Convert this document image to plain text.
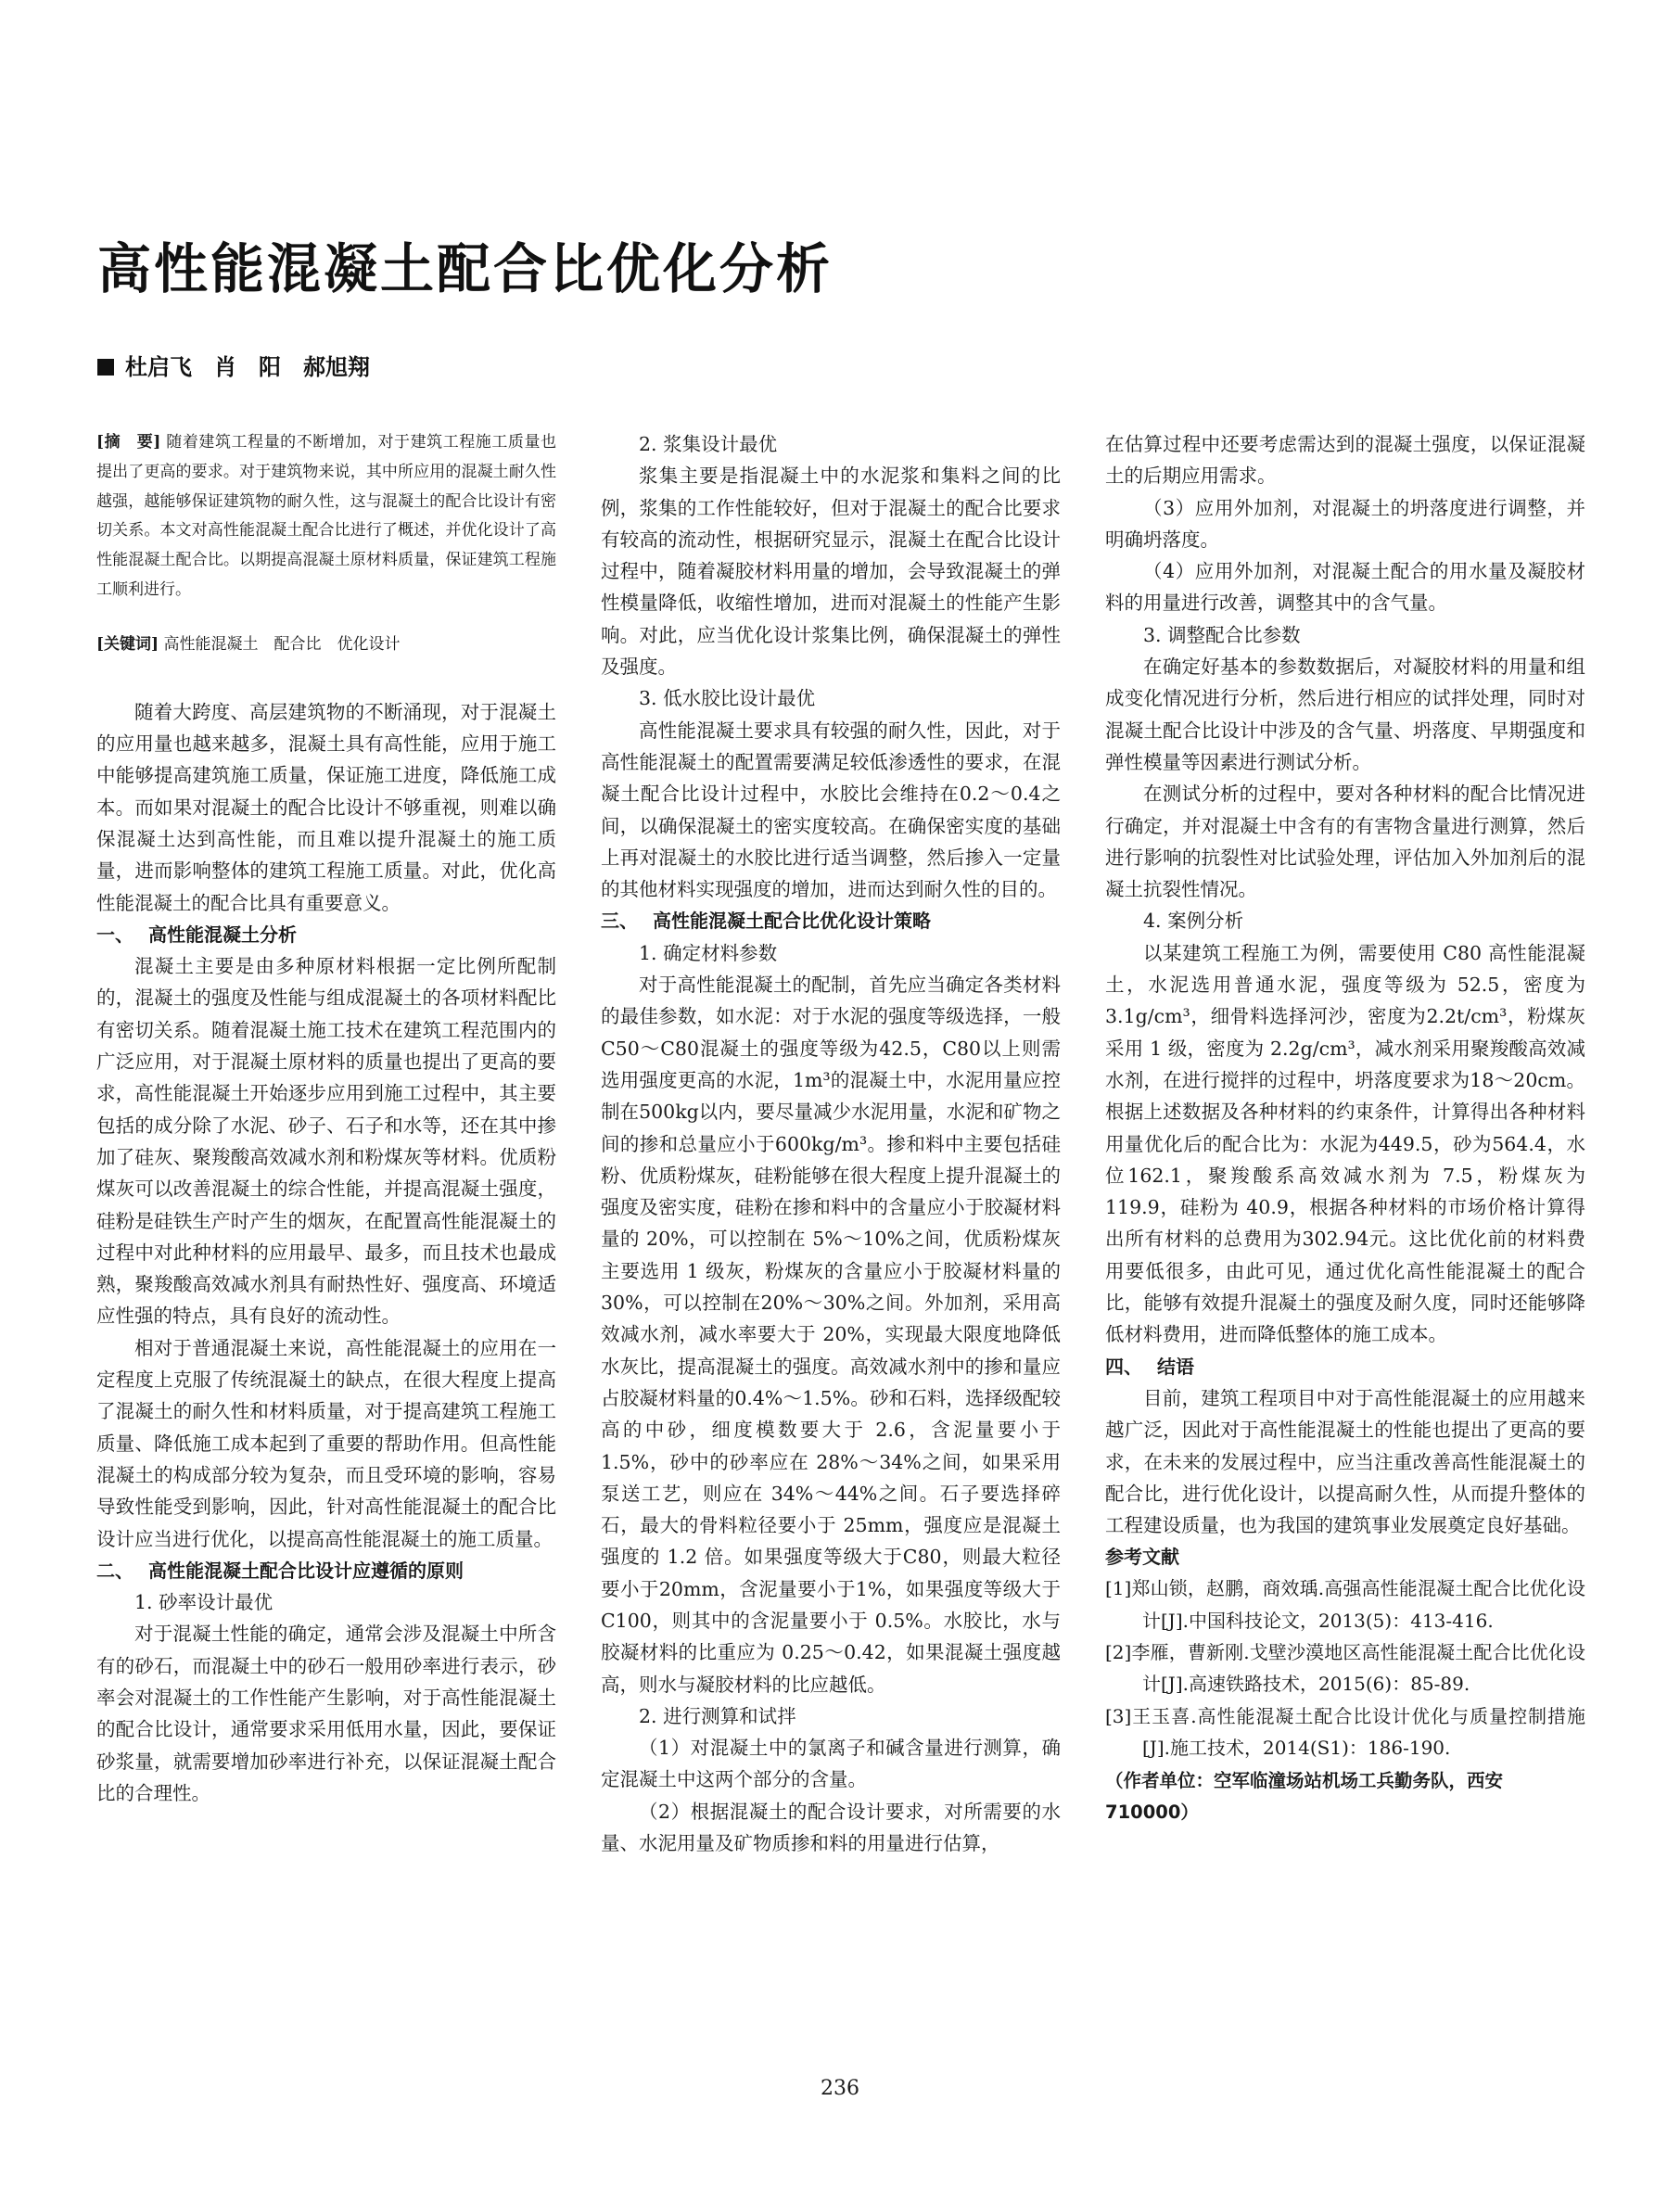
高性能混凝土配合比优化分析
杜启飞　肖　阳　郝旭翔

[摘　要] 随着建筑工程量的不断增加，对于建筑工程施工质量也提出了更高的要求。对于建筑物来说，其中所应用的混凝土耐久性越强，越能够保证建筑物的耐久性，这与混凝土的配合比设计有密切关系。本文对高性能混凝土配合比进行了概述，并优化设计了高性能混凝土配合比。以期提高混凝土原材料质量，保证建筑工程施工顺利进行。

[关键词] 高性能混凝土　配合比　优化设计

随着大跨度、高层建筑物的不断涌现，对于混凝土的应用量也越来越多，混凝土具有高性能，应用于施工中能够提高建筑施工质量，保证施工进度，降低施工成本。而如果对混凝土的配合比设计不够重视，则难以确保混凝土达到高性能，而且难以提升混凝土的施工质量，进而影响整体的建筑工程施工质量。对此，优化高性能混凝土的配合比具有重要意义。

一、 高性能混凝土分析

混凝土主要是由多种原材料根据一定比例所配制的，混凝土的强度及性能与组成混凝土的各项材料配比有密切关系。随着混凝土施工技术在建筑工程范围内的广泛应用，对于混凝土原材料的质量也提出了更高的要求，高性能混凝土开始逐步应用到施工过程中，其主要包括的成分除了水泥、砂子、石子和水等，还在其中掺加了硅灰、聚羧酸高效减水剂和粉煤灰等材料。优质粉煤灰可以改善混凝土的综合性能，并提高混凝土强度，硅粉是硅铁生产时产生的烟灰，在配置高性能混凝土的过程中对此种材料的应用最早、最多，而且技术也最成熟，聚羧酸高效减水剂具有耐热性好、强度高、环境适应性强的特点，具有良好的流动性。

相对于普通混凝土来说，高性能混凝土的应用在一定程度上克服了传统混凝土的缺点，在很大程度上提高了混凝土的耐久性和材料质量，对于提高建筑工程施工质量、降低施工成本起到了重要的帮助作用。但高性能混凝土的构成部分较为复杂，而且受环境的影响，容易导致性能受到影响，因此，针对高性能混凝土的配合比设计应当进行优化，以提高高性能混凝土的施工质量。

二、 高性能混凝土配合比设计应遵循的原则

1. 砂率设计最优

对于混凝土性能的确定，通常会涉及混凝土中所含有的砂石，而混凝土中的砂石一般用砂率进行表示，砂率会对混凝土的工作性能产生影响，对于高性能混凝土的配合比设计，通常要求采用低用水量，因此，要保证砂浆量，就需要增加砂率进行补充，以保证混凝土配合比的合理性。

2. 浆集设计最优

浆集主要是指混凝土中的水泥浆和集料之间的比例，浆集的工作性能较好，但对于混凝土的配合比要求有较高的流动性，根据研究显示，混凝土在配合比设计过程中，随着凝胶材料用量的增加，会导致混凝土的弹性模量降低，收缩性增加，进而对混凝土的性能产生影响。对此，应当优化设计浆集比例，确保混凝土的弹性及强度。

3. 低水胶比设计最优

高性能混凝土要求具有较强的耐久性，因此，对于高性能混凝土的配置需要满足较低渗透性的要求，在混凝土配合比设计过程中，水胶比会维持在0.2～0.4之间，以确保混凝土的密实度较高。在确保密实度的基础上再对混凝土的水胶比进行适当调整，然后掺入一定量的其他材料实现强度的增加，进而达到耐久性的目的。

三、 高性能混凝土配合比优化设计策略

1. 确定材料参数

对于高性能混凝土的配制，首先应当确定各类材料的最佳参数，如水泥：对于水泥的强度等级选择，一般C50～C80混凝土的强度等级为42.5，C80以上则需选用强度更高的水泥，1m³的混凝土中，水泥用量应控制在500kg以内，要尽量减少水泥用量，水泥和矿物之间的掺和总量应小于600kg/m³。掺和料中主要包括硅粉、优质粉煤灰，硅粉能够在很大程度上提升混凝土的强度及密实度，硅粉在掺和料中的含量应小于胶凝材料量的 20%，可以控制在 5%～10%之间，优质粉煤灰主要选用 1 级灰，粉煤灰的含量应小于胶凝材料量的 30%，可以控制在20%～30%之间。外加剂，采用高效减水剂，减水率要大于 20%，实现最大限度地降低水灰比，提高混凝土的强度。高效减水剂中的掺和量应占胶凝材料量的0.4%～1.5%。砂和石料，选择级配较高的中砂，细度模数要大于 2.6，含泥量要小于 1.5%，砂中的砂率应在 28%～34%之间，如果采用泵送工艺，则应在 34%～44%之间。石子要选择碎石，最大的骨料粒径要小于 25mm，强度应是混凝土强度的 1.2 倍。如果强度等级大于C80，则最大粒径要小于20mm，含泥量要小于1%，如果强度等级大于C100，则其中的含泥量要小于 0.5%。水胶比，水与胶凝材料的比重应为 0.25～0.42，如果混凝土强度越高，则水与凝胶材料的比应越低。

2. 进行测算和试拌

（1）对混凝土中的氯离子和碱含量进行测算，确定混凝土中这两个部分的含量。

（2）根据混凝土的配合设计要求，对所需要的水量、水泥用量及矿物质掺和料的用量进行估算，

在估算过程中还要考虑需达到的混凝土强度，以保证混凝土的后期应用需求。

（3）应用外加剂，对混凝土的坍落度进行调整，并明确坍落度。

（4）应用外加剂，对混凝土配合的用水量及凝胶材料的用量进行改善，调整其中的含气量。

3. 调整配合比参数

在确定好基本的参数数据后，对凝胶材料的用量和组成变化情况进行分析，然后进行相应的试拌处理，同时对混凝土配合比设计中涉及的含气量、坍落度、早期强度和弹性模量等因素进行测试分析。

在测试分析的过程中，要对各种材料的配合比情况进行确定，并对混凝土中含有的有害物含量进行测算，然后进行影响的抗裂性对比试验处理，评估加入外加剂后的混凝土抗裂性情况。

4. 案例分析

以某建筑工程施工为例，需要使用 C80 高性能混凝土，水泥选用普通水泥，强度等级为 52.5，密度为3.1g/cm³，细骨料选择河沙，密度为2.2t/cm³，粉煤灰采用 1 级，密度为 2.2g/cm³，减水剂采用聚羧酸高效减水剂，在进行搅拌的过程中，坍落度要求为18～20cm。根据上述数据及各种材料的约束条件，计算得出各种材料用量优化后的配合比为：水泥为449.5，砂为564.4，水位162.1，聚羧酸系高效减水剂为 7.5，粉煤灰为 119.9，硅粉为 40.9，根据各种材料的市场价格计算得出所有材料的总费用为302.94元。这比优化前的材料费用要低很多，由此可见，通过优化高性能混凝土的配合比，能够有效提升混凝土的强度及耐久度，同时还能够降低材料费用，进而降低整体的施工成本。

四、 结语

目前，建筑工程项目中对于高性能混凝土的应用越来越广泛，因此对于高性能混凝土的性能也提出了更高的要求，在未来的发展过程中，应当注重改善高性能混凝土的配合比，进行优化设计，以提高耐久性，从而提升整体的工程建设质量，也为我国的建筑事业发展奠定良好基础。

参考文献

[1]郑山锁，赵鹏，商效瑀.高强高性能混凝土配合比优化设计[J].中国科技论文，2013(5)：413-416.

[2]李雁，曹新刚.戈壁沙漠地区高性能混凝土配合比优化设计[J].高速铁路技术，2015(6)：85-89.

[3]王玉喜.高性能混凝土配合比设计优化与质量控制措施[J].施工技术，2014(S1)：186-190.

（作者单位：空军临潼场站机场工兵勤务队，西安　710000）

236
